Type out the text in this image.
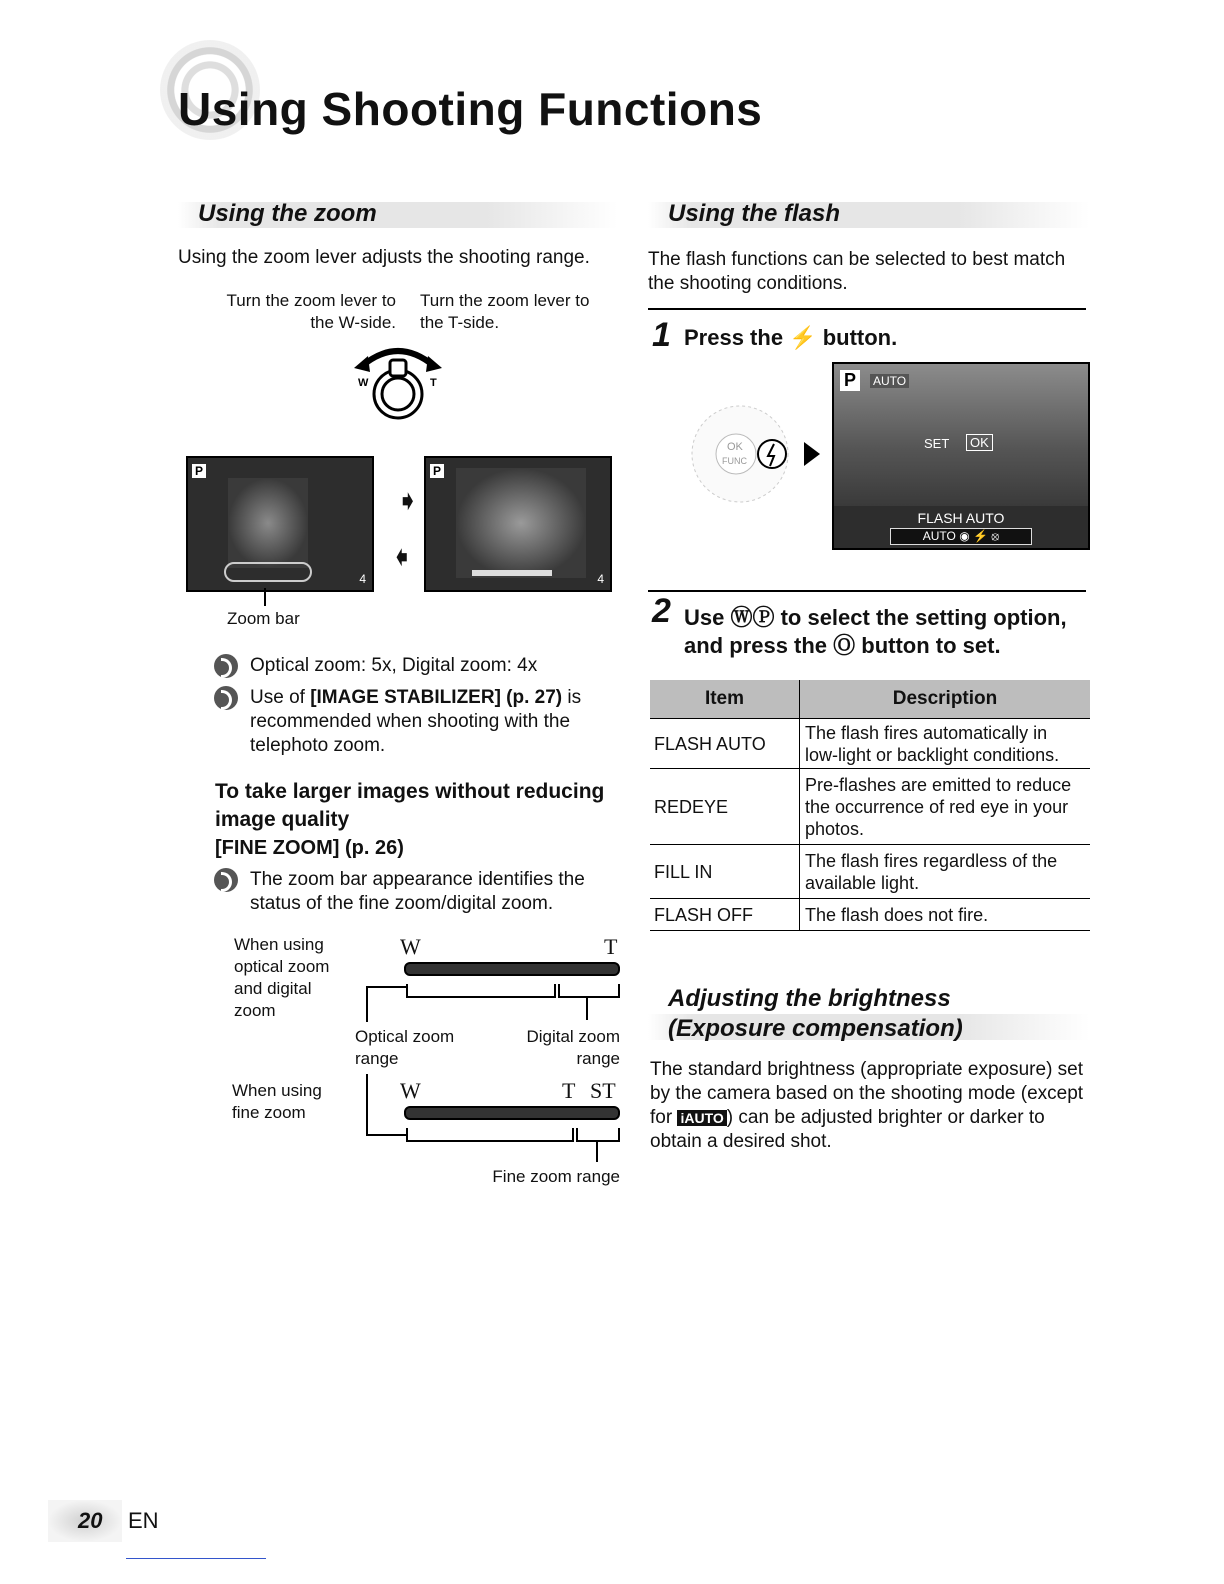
Using Shooting Functions
Using the zoom
Using the zoom lever adjusts the shooting range.
Turn the zoom lever to
the W-side.
Turn the zoom lever to
the T-side.
W	T
P
4
➧
➧
P
4
Zoom bar
Optical zoom: 5x, Digital zoom: 4x
Use of [IMAGE STABILIZER] (p. 27) is recommended when shooting with the telephoto zoom.
To take larger images without reducing
image quality
[FINE ZOOM] (p. 26)
The zoom bar appearance identifies the status of the fine zoom/digital zoom.
When using optical zoom and digital zoom
W	T
Optical zoom range
Digital zoom range
When using fine zoom
W	T ST
Fine zoom range
Using the flash
The flash functions can be selected to best match the shooting conditions.
1 Press the ⚡ button.
OK
FUNC
P	AUTO
SET	OK
FLASH AUTO
AUTO ◉ ⚡ ⦻
2 Use ⓌⓅ to select the setting option,
and press the Ⓞ button to set.
Item	Description
FLASH AUTO	The flash fires automatically in low-light or backlight conditions.
REDEYE	Pre-flashes are emitted to reduce the occurrence of red eye in your photos.
FILL IN	The flash fires regardless of the available light.
FLASH OFF	The flash does not fire.
Adjusting the brightness
(Exposure compensation)
The standard brightness (appropriate exposure) set by the camera based on the shooting mode (except for iAUTO ) can be adjusted brighter or darker to obtain a desired shot.
20 EN
